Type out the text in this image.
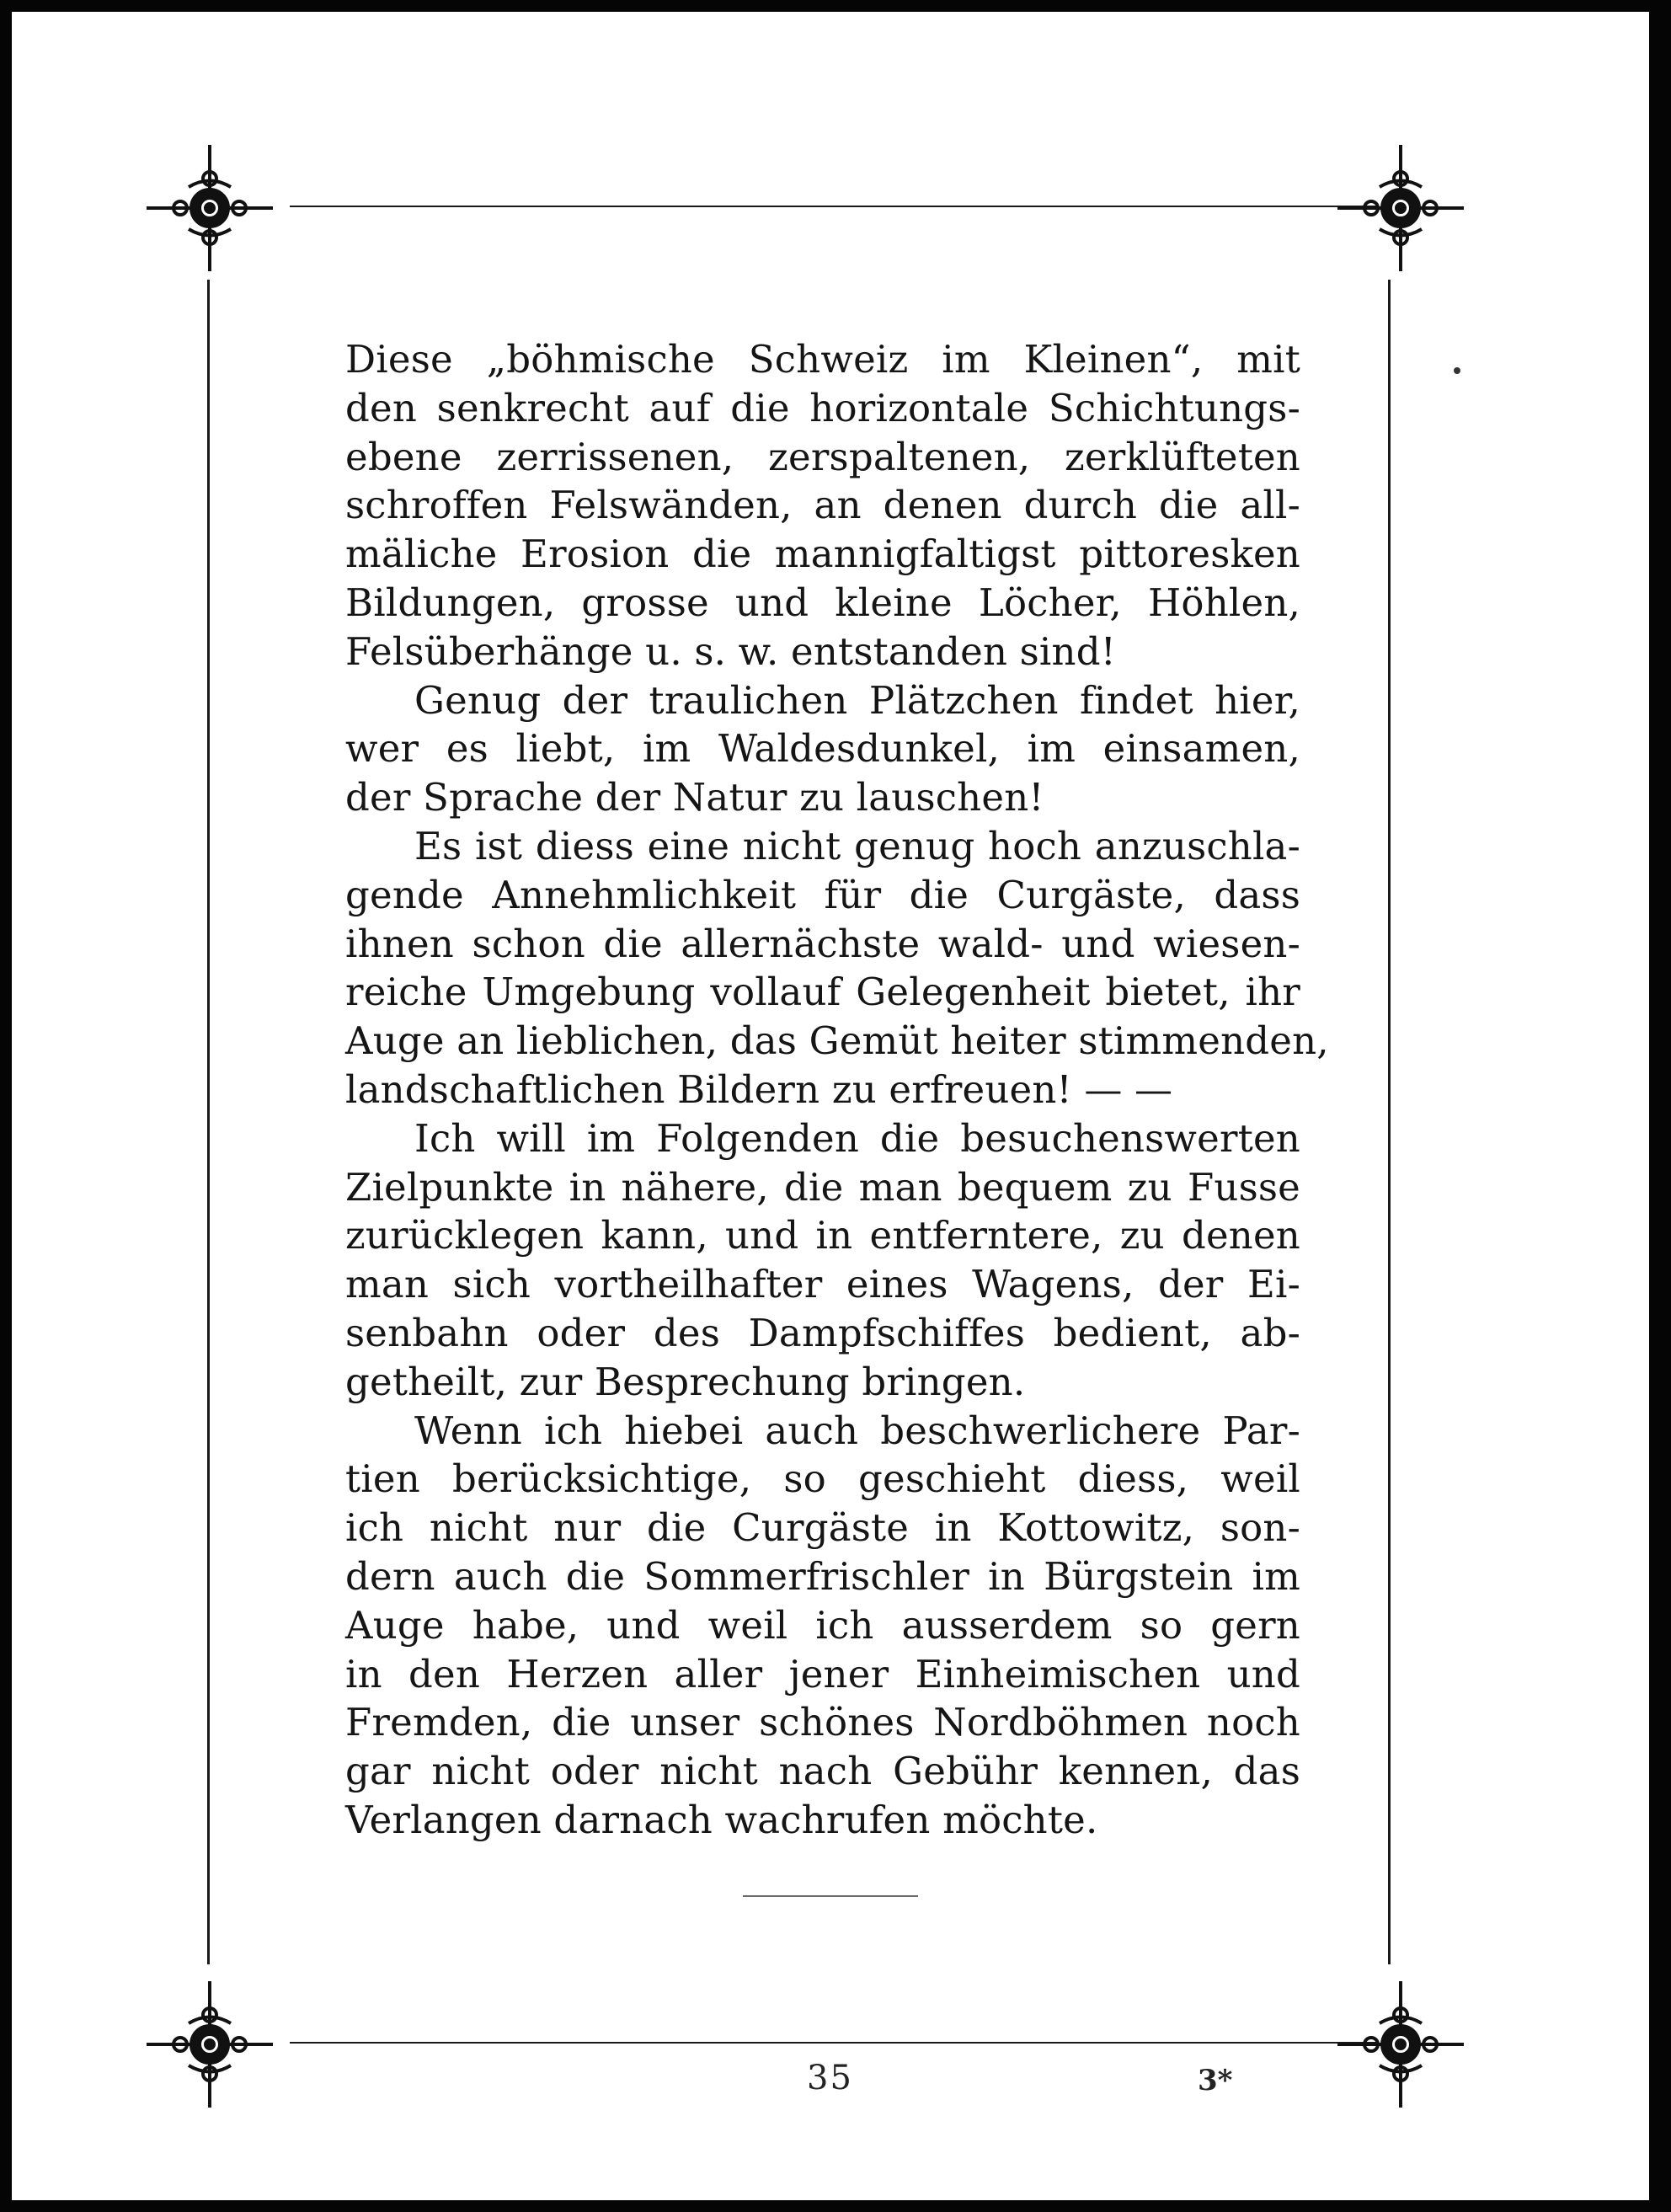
Diese „böhmische Schweiz im Kleinen“, mit
den senkrecht auf die horizontale Schichtungs-
ebene zerrissenen, zerspaltenen, zerklüfteten
schroffen Felswänden, an denen durch die all-
mäliche Erosion die mannigfaltigst pittoresken
Bildungen, grosse und kleine Löcher, Höhlen,
Felsüberhänge u. s. w. entstanden sind!

Genug der traulichen Plätzchen findet hier,
wer es liebt, im Waldesdunkel, im einsamen,
der Sprache der Natur zu lauschen!

Es ist diess eine nicht genug hoch anzuschla-
gende Annehmlichkeit für die Curgäste, dass
ihnen schon die allernächste wald- und wiesen-
reiche Umgebung vollauf Gelegenheit bietet, ihr
Auge an lieblichen, das Gemüt heiter stimmenden,
landschaftlichen Bildern zu erfreuen! — —

Ich will im Folgenden die besuchenswerten
Zielpunkte in nähere, die man bequem zu Fusse
zurücklegen kann, und in entferntere, zu denen
man sich vortheilhafter eines Wagens, der Ei-
senbahn oder des Dampfschiffes bedient, ab-
getheilt, zur Besprechung bringen.

Wenn ich hiebei auch beschwerlichere Par-
tien berücksichtige, so geschieht diess, weil
ich nicht nur die Curgäste in Kottowitz, son-
dern auch die Sommerfrischler in Bürgstein im
Auge habe, und weil ich ausserdem so gern
in den Herzen aller jener Einheimischen und
Fremden, die unser schönes Nordböhmen noch
gar nicht oder nicht nach Gebühr kennen, das
Verlangen darnach wachrufen möchte.

35	3*
